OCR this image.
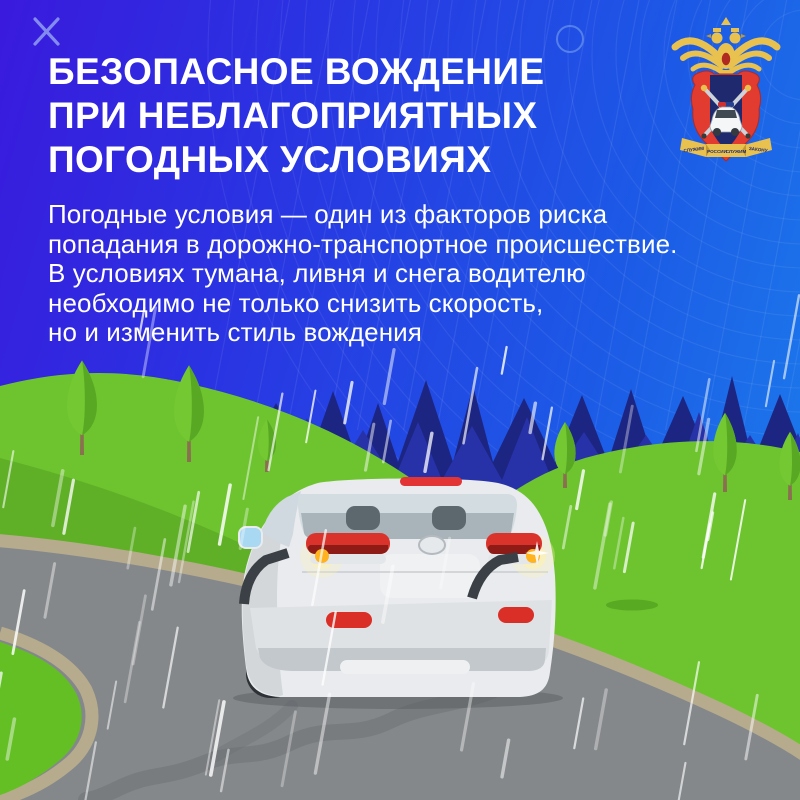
БЕЗОПАСНОЕ ВОЖДЕНИЕ
ПРИ НЕБЛАГОПРИЯТНЫХ
ПОГОДНЫХ УСЛОВИЯХ

Погодные условия — один из факторов риска
попадания в дорожно-транспортное происшествие.
В условиях тумана, ливня и снега водителю
необходимо не только снизить скорость,
но и изменить стиль вождения

СЛУЖИМ РОССИИ
СЛУЖИМ ЗАКОНУ
